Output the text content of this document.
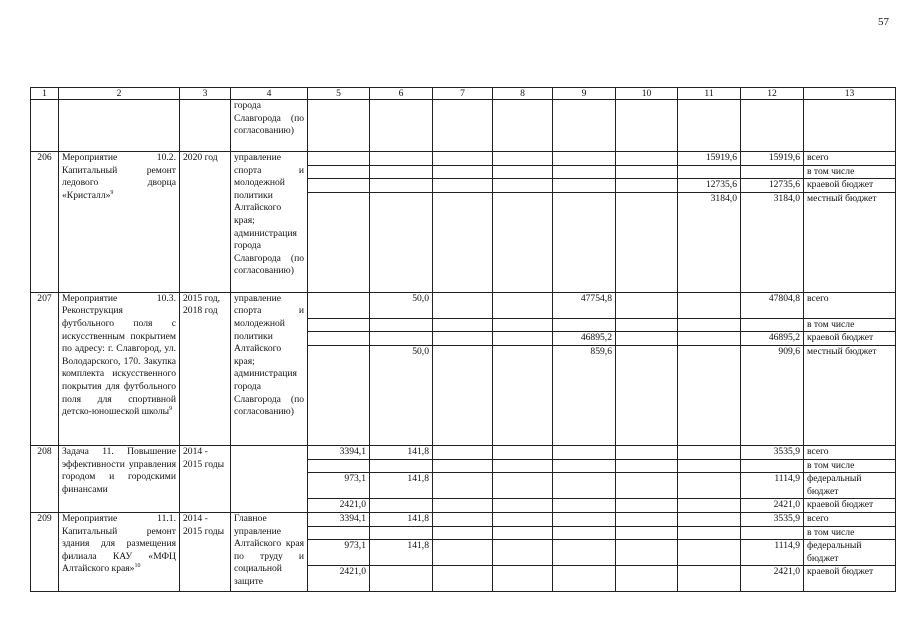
57
1	2	3	4	5	6	7	8	9	10	11	12	13
			города Славгорода (по согласованию)									
206	Мероприятие 10.2. Капитальный ремонт ледового дворца «Кристалл»$^9$	2020 год	управление спорта и молодежной политики Алтайского края; администрация города Славгорода (по согласованию)							15919,6	15919,6	всего
												в том числе
										12735,6	12735,6	краевой бюджет
										3184,0	3184,0	местный бюджет
207	Мероприятие 10.3. Реконструкция футбольного поля с искусственным покрытием по адресу: г. Славгород, ул. Володарского, 170. Закупка комплекта искусственного покрытия для футбольного поля для спортивной детско-юношеской школы$^9$	2015 год, 2018 год	управление спорта и молодежной политики Алтайского края; администрация города Славгорода (по согласованию)		50,0			47754,8			47804,8	всего
												в том числе
								46895,2			46895,2	краевой бюджет
					50,0			859,6			909,6	местный бюджет
208	Задача 11. Повышение эффективности управления городом и городскими финансами	2014 - 2015 годы		3394,1	141,8						3535,9	всего
												в том числе
				973,1	141,8						1114,9	федеральный бюджет
				2421,0							2421,0	краевой бюджет
209	Мероприятие 11.1. Капитальный ремонт здания для размещения филиала КАУ «МФЦ Алтайского края»$^{10}$	2014 - 2015 годы	Главное управление Алтайского края по труду и социальной защите	3394,1	141,8						3535,9	всего
												в том числе
				973,1	141,8						1114,9	федеральный бюджет
				2421,0							2421,0	краевой бюджет
